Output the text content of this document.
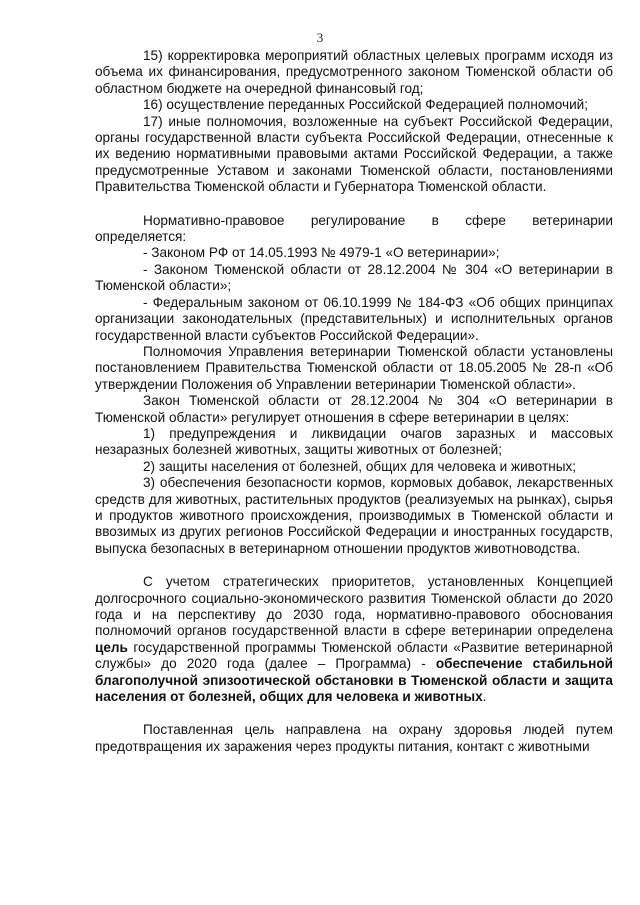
3

15) корректировка мероприятий областных целевых программ исходя из объема их финансирования, предусмотренного законом Тюменской области об областном бюджете на очередной финансовый год;

16) осуществление переданных Российской Федерацией полномочий;

17) иные полномочия, возложенные на субъект Российской Федерации, органы государственной власти субъекта Российской Федерации, отнесенные к их ведению нормативными правовыми актами Российской Федерации, а также предусмотренные Уставом и законами Тюменской области, постановлениями Правительства Тюменской области и Губернатора Тюменской области.

Нормативно-правовое регулирование в сфере ветеринарии определяется:

- Законом РФ от 14.05.1993 № 4979-1 «О ветеринарии»;

- Законом Тюменской области от 28.12.2004 № 304 «О ветеринарии в Тюменской области»;

- Федеральным законом от 06.10.1999 № 184-ФЗ «Об общих принципах организации законодательных (представительных) и исполнительных органов государственной власти субъектов Российской Федерации».

Полномочия Управления ветеринарии Тюменской области установлены постановлением Правительства Тюменской области от 18.05.2005 № 28-п «Об утверждении Положения об Управлении ветеринарии Тюменской области».

Закон Тюменской области от 28.12.2004 № 304 «О ветеринарии в Тюменской области» регулирует отношения в сфере ветеринарии в целях:

1) предупреждения и ликвидации очагов заразных и массовых незаразных болезней животных, защиты животных от болезней;

2) защиты населения от болезней, общих для человека и животных;

3) обеспечения безопасности кормов, кормовых добавок, лекарственных средств для животных, растительных продуктов (реализуемых на рынках), сырья и продуктов животного происхождения, производимых в Тюменской области и ввозимых из других регионов Российской Федерации и иностранных государств, выпуска безопасных в ветеринарном отношении продуктов животноводства.

С учетом стратегических приоритетов, установленных Концепцией долгосрочного социально-экономического развития Тюменской области до 2020 года и на перспективу до 2030 года, нормативно-правового обоснования полномочий органов государственной власти в сфере ветеринарии определена цель государственной программы Тюменской области «Развитие ветеринарной службы» до 2020 года (далее – Программа) - обеспечение стабильной благополучной эпизоотической обстановки в Тюменской области и защита населения от болезней, общих для человека и животных.

Поставленная цель направлена на охрану здоровья людей путем предотвращения их заражения через продукты питания, контакт с животными
